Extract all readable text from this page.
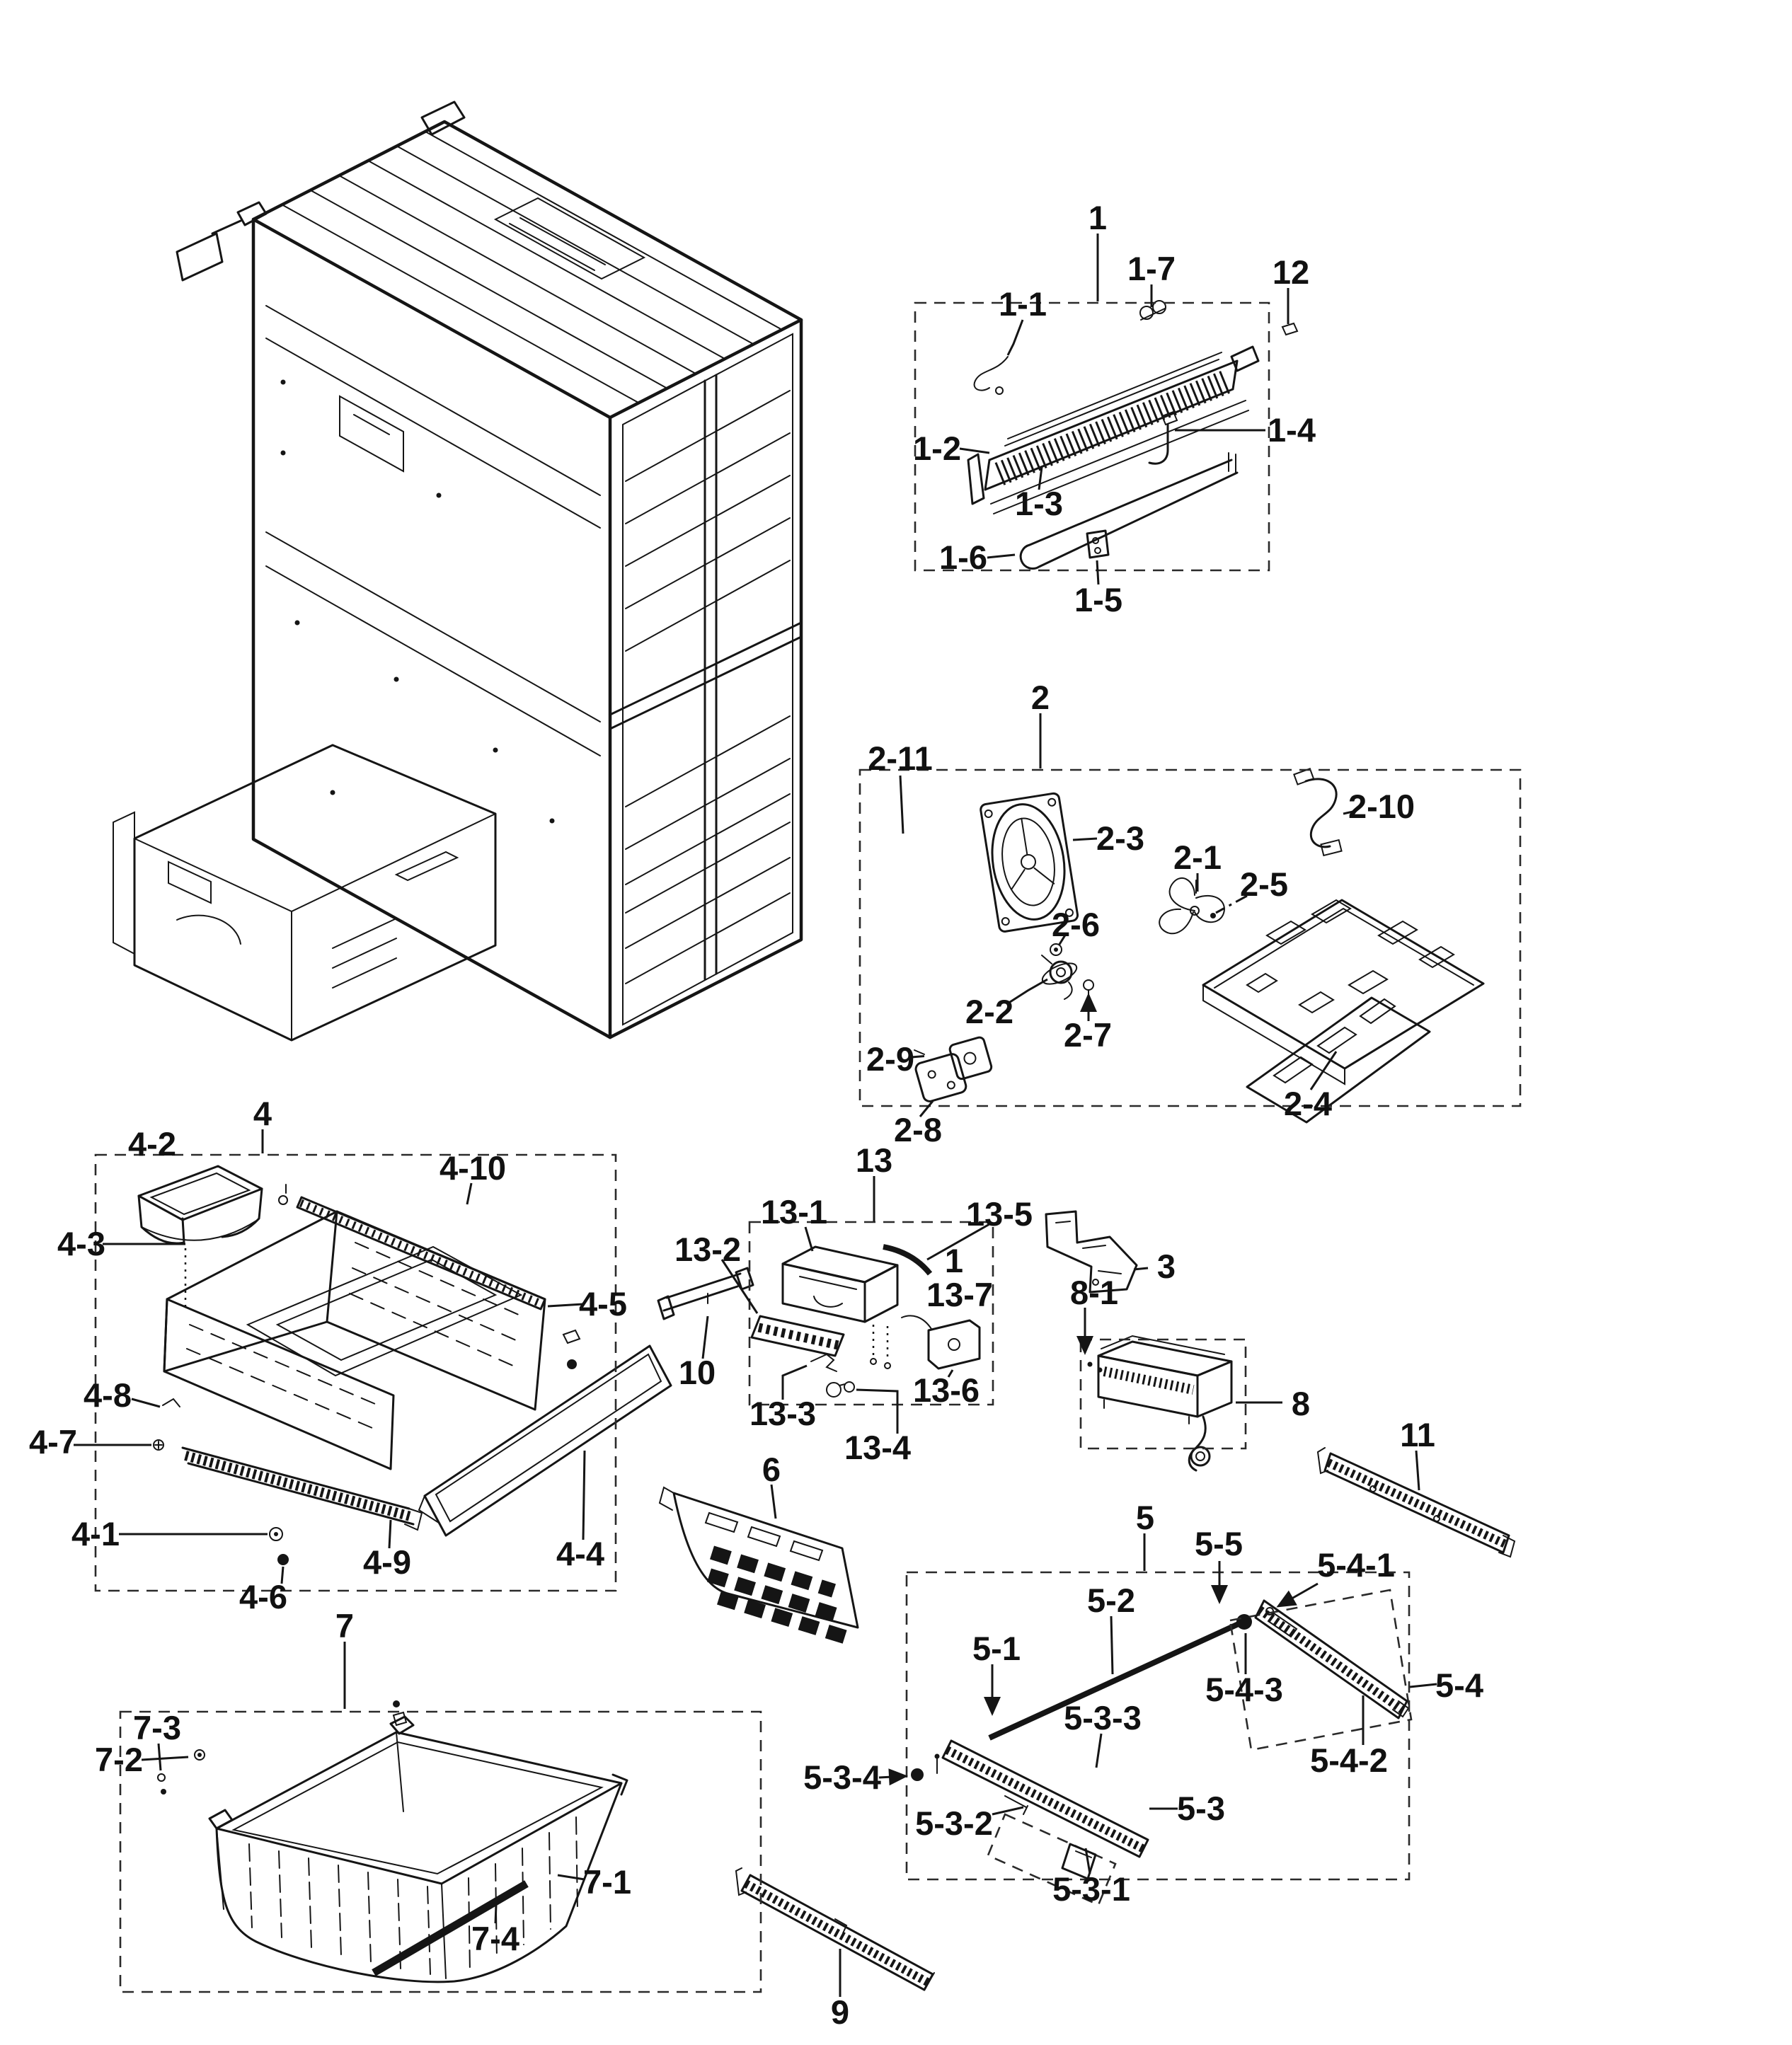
1
1-1
1-7	12
1-2
1-3
1-4
1-6
1-5
2
2-11
2-3
2-1
2-5
2-10
2-6
2-2
2-7
2-9
2-8
2-4
4
4-2
4-10
4-3
4-5
4-8
4-7
4-1
4-9
4-6
4-4
13
13-1	13-5
13-2	1
13-7
13-6
13-3
13-4
3
10
8-1
8
11
6
5
5-5
5-4-1
5-2
5-1
5-4-3	5-4
5-4-2
5-3-3
5-3-4
5-3-2	5-3
5-3-1
7
7-3
7-2
7-1
7-4
9
